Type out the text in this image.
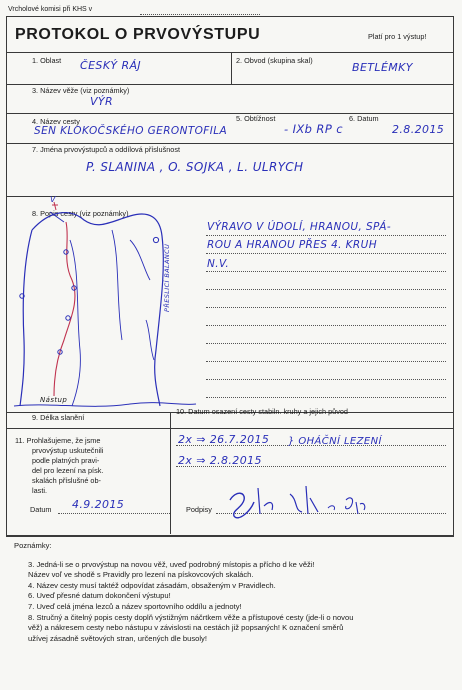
Vrcholové komisi při KHS v
PROTOKOL O PRVOVÝSTUPU	Platí pro 1 výstup!
1. Oblast ČESKÝ RÁJ	2. Obvod (skupina skal)
BETLÉMKY
3. Název věže (viz poznámky)
VÝR
4. Název cesty	5. Obtížnost	6. Datum
SEN KLOKOČSKÉHO GERONTOFILA	- IXb RP c	2.8.2015
7. Jména prvovýstupců a oddílová příslušnost
P. SLANINA , O. SOJKA , L. ULRYCH
8. Popis cesty (viz poznámky)
V
PŘESLICÍ BALANCU
Nástup
VÝRAVO V ÚDOLÍ, HRANOU, SPÁ-
ROU A HRANOU PŘES 4. KRUH
N.V.
9. Délka slanění
10. Datum osazení cesty stabiln. kruhy a jejich původ
2x ⇒ 26.7.2015
2x ⇒ 2.8.2015
} OHÁČNÍ LEZENÍ
11. Prohlašujeme, že jsme
prvovýstup uskutečnili
podle platných pravi-
del pro lezení na písk.
skalách příslušné ob-
lasti.
Datum 4.9.2015	Podpisy
Poznámky:
3. Jedná-li se o prvovýstup na novou věž, uveď podrobný místopis a přícho d ke věži!
Název voľ ve shodě s Pravidly pro lezení na pískovcových skalách.
4. Název cesty musí taktéž odpovídat zásadám, obsaženým v Pravidlech.
6. Uveď přesné datum dokončení výstupu!
7. Uveď celá jména lezců a název sportovního oddílu a jednoty!
8. Stručný a čitelný popis cesty doplň výstižným náčrtkem věže a přístupové cesty (jde-li o novou
věž) a nákresem cesty nebo nástupu v závislosti na cestách již popsaných! K označení směrů
užívej zásadně světových stran, určených dle busoly!
